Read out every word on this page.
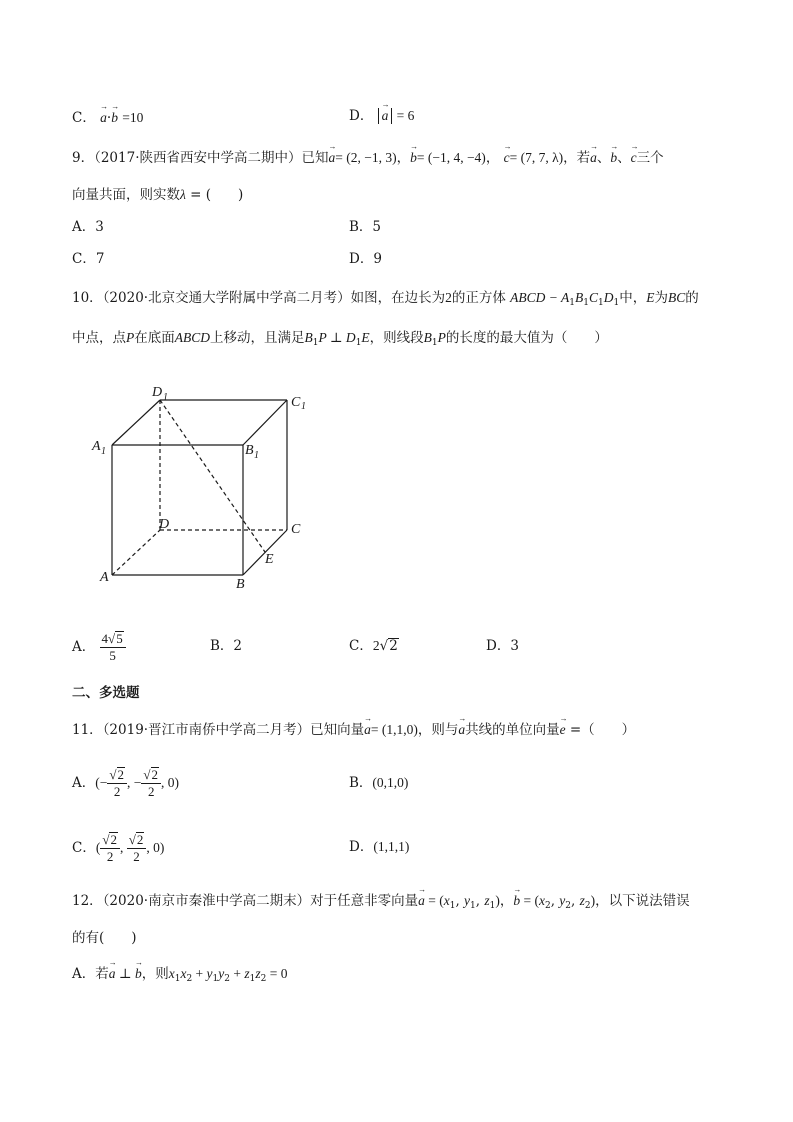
C． → a·→ b =10	D． → a = 6
9．（2017·陕西省西安中学高二期中）已知→ a= (2, −1, 3)，→ b= (−1, 4, −4)， → c= (7, 7, λ)，若→ a、→ b、→ c三个
向量共面，则实数λ = (　　)
A．3	B．5
C．7	D．9
10．（2020·北京交通大学附属中学高二月考）如图，在边长为2的正方体 ABCD − $A_1B_1C_1D_1$中，E为BC的
中点，点P在底面ABCD上移动，且满足$B_1P$ ⊥ $D_1E$，则线段$B_1P$的长度的最大值为（　　）
D 1	C 1
A 1	B 1
D	C
A	B
E
A． $\frac{4√5}{5}$	B．2	C．2√2	D．3
二、多选题
11．（2019·晋江市南侨中学高二月考）已知向量→ a= (1,1,0)，则与→ a共线的单位向量→ e =（　　）
A．(− $\frac{√2}{2}$ , − $\frac{√2}{2}$ , 0)	B．(0,1,0)
C．( $\frac{√2}{2}$ , $\frac{√2}{2}$ , 0)	D．(1,1,1)
12．（2020·南京市秦淮中学高二期末）对于任意非零向量→ $a = (x_1$, $y_1$, $z_1$)，→ $b = (x_2$, $y_2$, $z_2$)，以下说法错误
的有(　　)
A．若→ a ⊥ → b，则$x_1x_2 + y_1y_2 + z_1z_2 = 0$
